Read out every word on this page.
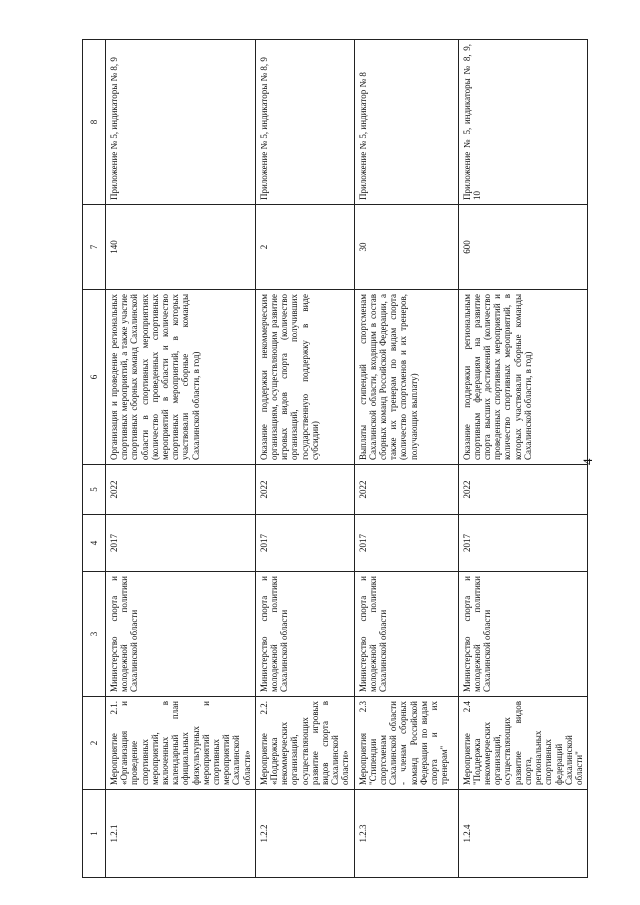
1	2	3	4	5	6	7	8
1.2.1	Мероприятие 2.1. «Организация и проведение спортивных мероприятий, включенных в календарный план официальных физкультурных мероприятий и спортивных мероприятий Сахалинской области»	Министерство спорта и молодежной политики Сахалинской области	2017	2022	Организация и проведение региональных спортивных мероприятий, а также участие спортивных сборных команд Сахалинской области в спортивных мероприятиях (количество проведенных спортивных мероприятий в области и количество спортивных мероприятий, в которых участвовали сборные команды Сахалинской области, в год)	140	Приложение № 5, индикаторы № 8, 9
1.2.2	Мероприятие 2.2. «Поддержка некоммерческих организаций, осуществляющих развитие игровых видов спорта в Сахалинской области»	Министерство спорта и молодежной политики Сахалинской области	2017	2022	Оказание поддержки некоммерческим организациям, осуществляющим развитие игровых видов спорта (количество организаций, получивших государственную поддержку в виде субсидии)	2	Приложение № 5, индикаторы № 8, 9
1.2.3	Мероприятия 2.3 "Стипендии спортсменам Сахалинской области - членам сборных команд Российской Федерации по видам спорта и их тренерам"	Министерство спорта и молодежной политики Сахалинской области	2017	2022	Выплаты стипендий спортсменам Сахалинской области, входящим в состав сборных команд Российской Федерации, а также их тренерам по видам спорта (количество спортсменов и их тренеров, получающих выплату)	30	Приложение № 5, индикатор № 8
1.2.4	Мероприятие 2.4 "Поддержка некоммерческих организаций, осуществляющих развитие видов спорта, региональных спортивных федераций Сахалинской области"	Министерство спорта и молодежной политики Сахалинской области	2017	2022	Оказание поддержки региональным спортивным федерациям на развитие спорта высших достижений (количество проведенных спортивных мероприятий и количество спортивных мероприятий, в которых участвовали сборные команды Сахалинской области, в год)	600	Приложение № 5, индикаторы № 8, 9, 10
4
